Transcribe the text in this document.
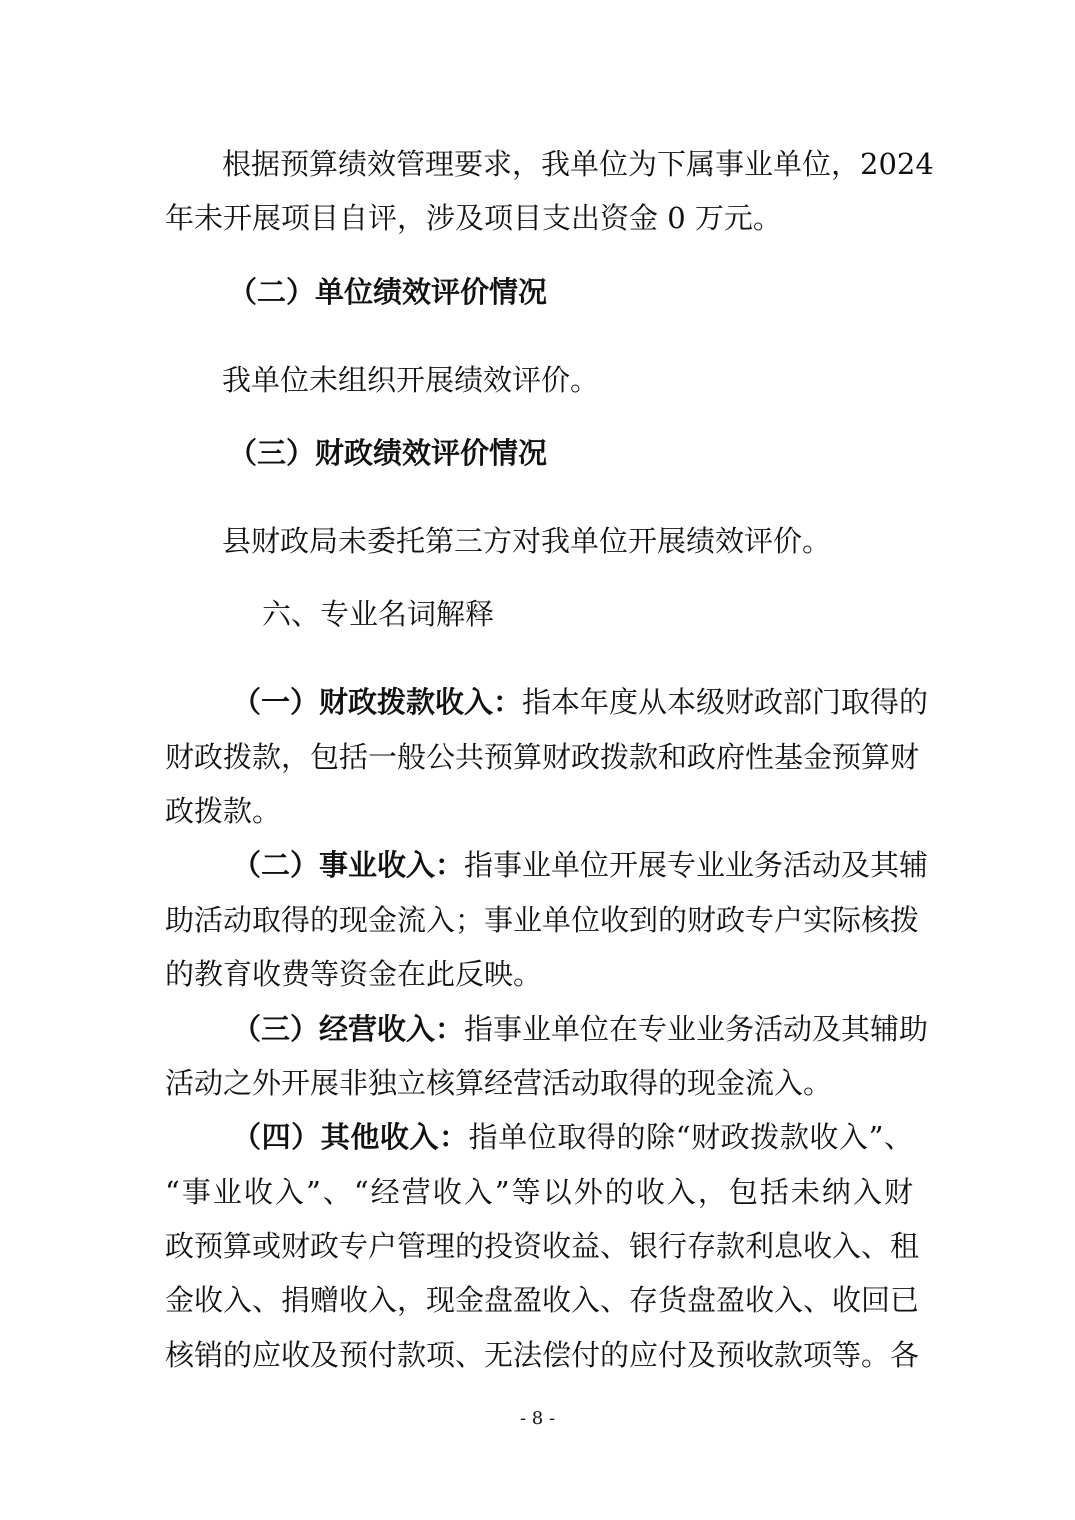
根据预算绩效管理要求，我单位为下属事业单位，2024
年未开展项目自评，涉及项目支出资金 0 万元。
（二）单位绩效评价情况
我单位未组织开展绩效评价。
（三）财政绩效评价情况
县财政局未委托第三方对我单位开展绩效评价。
六、专业名词解释
（一）财政拨款收入：指本年度从本级财政部门取得的
财政拨款，包括一般公共预算财政拨款和政府性基金预算财
政拨款。
（二）事业收入：指事业单位开展专业业务活动及其辅
助活动取得的现金流入；事业单位收到的财政专户实际核拨
的教育收费等资金在此反映。
（三）经营收入：指事业单位在专业业务活动及其辅助
活动之外开展非独立核算经营活动取得的现金流入。
（四）其他收入：指单位取得的除“财政拨款收入”、
“事业收入”、“经营收入”等以外的收入，包括未纳入财
政预算或财政专户管理的投资收益、银行存款利息收入、租
金收入、捐赠收入，现金盘盈收入、存货盘盈收入、收回已
核销的应收及预付款项、无法偿付的应付及预收款项等。各
- 8 -
